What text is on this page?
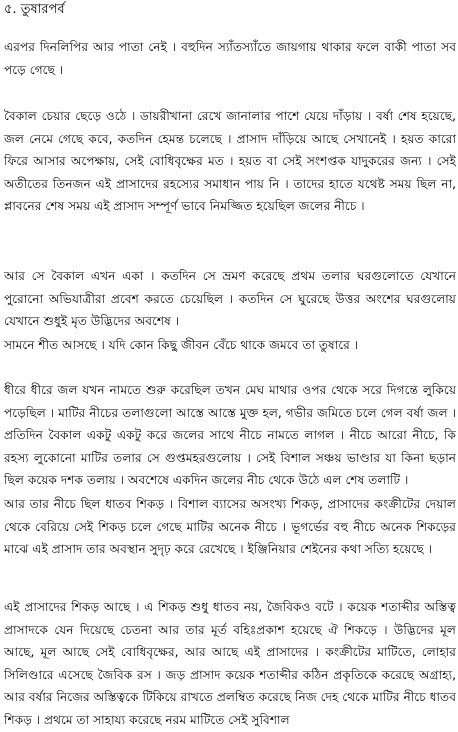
৫. তুষারপর্ব

এরপর দিনলিপির আর পাতা নেই । বহুদিন স্যাঁতস্যাঁতে জায়গায় থাকার ফলে বাকী পাতা সব পড়ে গেছে ।

বৈকাল চেয়ার ছেড়ে ওঠে । ডায়রীখানা রেখে জানালার পাশে যেয়ে দাঁড়ায় । বর্ষা শেষ হয়েছে, জল নেমে গেছে কবে, কতদিন হেমন্ত চলেছে । প্রাসাদ দাঁড়িয়ে আছে সেখানেই । হয়ত কারো ফিরে আসার অপেক্ষায়, সেই বোধিবৃক্ষের মত । হয়ত বা সেই সংশপ্তক যাদুকরের জন্য । সেই অতীতের তিনজন এই প্রাসাদের রহস্যের সমাধান পায় নি । তাদের হাতে যথেষ্ট সময় ছিল না, প্লাবনের শেষ সময় এই প্রাসাদ সম্পূর্ণ ভাবে নিমজ্জিত হয়েছিল জলের নীচে ।

আর সে বৈকাল এখন একা । কতদিন সে ভ্রমণ করেছে প্রথম তলার ঘরগুলোতে যেখানে পুরোনো অভিযাত্রীরা প্রবেশ করতে চেয়েছিল । কতদিন সে ঘুরেছে উত্তর অংশের ঘরগুলোয় যেখানে শুধুই মৃত উদ্ভিদের অবশেষ ।

সামনে শীত আসছে । যদি কোন কিছু জীবন বেঁচে থাকে জমবে তা তুষারে ।

ধীরে ধীরে জল যখন নামতে শুরু করেছিল তখন মেঘ মাথার ওপর থেকে সরে দিগন্তে লুকিয়ে পড়েছিল । মাটির নীচের তলাগুলো আস্তে আস্তে মুক্ত হল, গভীর জমিতে চলে গেল বর্ষা জল । প্রতিদিন বৈকাল একটু একটু করে জলের সাথে নীচে নামতে লাগল । নীচে আরো নীচে, কি রহস্য লুকোনো মাটির তলার সে গুপ্তমহরগুলোয় । সেই বিশাল সঞ্চয় ভাণ্ডার যা কিনা ছড়ান ছিল কয়েক দশক তলায় । অবশেষে একদিন জলের নীচ থেকে উঠে এল শেষ তলাটি ।

আর তার নীচে ছিল ধাতব শিকড় । বিশাল ব্যাসের অসংখ্য শিকড়, প্রাসাদের কংক্রীটের দেয়াল থেকে বেরিয়ে সেই শিকড় চলে গেছে মাটির অনেক নীচে । ভূগর্ভের বহু নীচে অনেক শিকড়ের মাঝে এই প্রাসাদ তার অবস্থান সুদৃঢ় করে রেখেছে । ইঞ্জিনিয়ার শেইনের কথা সত্যি হয়েছে ।

এই প্রাসাদের শিকড় আছে । এ শিকড় শুধু ধাতব নয়, জৈবিকও বটে । কয়েক শতাব্দীর অস্তিত্ব প্রাসাদকে যেন দিয়েছে চেতনা আর তার মূর্ত বহিঃপ্রকাশ হয়েছে ঐ শিকড়ে । উদ্ভিদের মূল আছে, মূল আছে সেই বোধিবৃক্ষের, আর আছে এই প্রাসাদের । কংক্রীটের মাটিতে, লোহার সিলিণ্ডারে এসেছে জৈবিক রস । জড় প্রাসাদ কয়েক শতাব্দীর কঠিন প্রকৃতিকে করেছে অগ্রাহ্য, আর বর্ষার নিজের অস্তিত্বকে টিকিয়ে রাখতে প্রলম্বিত করেছে নিজ দেহ থেকে মাটির নীচে ধাতব শিকড় । প্রথমে তা সাহায্য করেছে নরম মাটিতে সেই সুবিশাল
